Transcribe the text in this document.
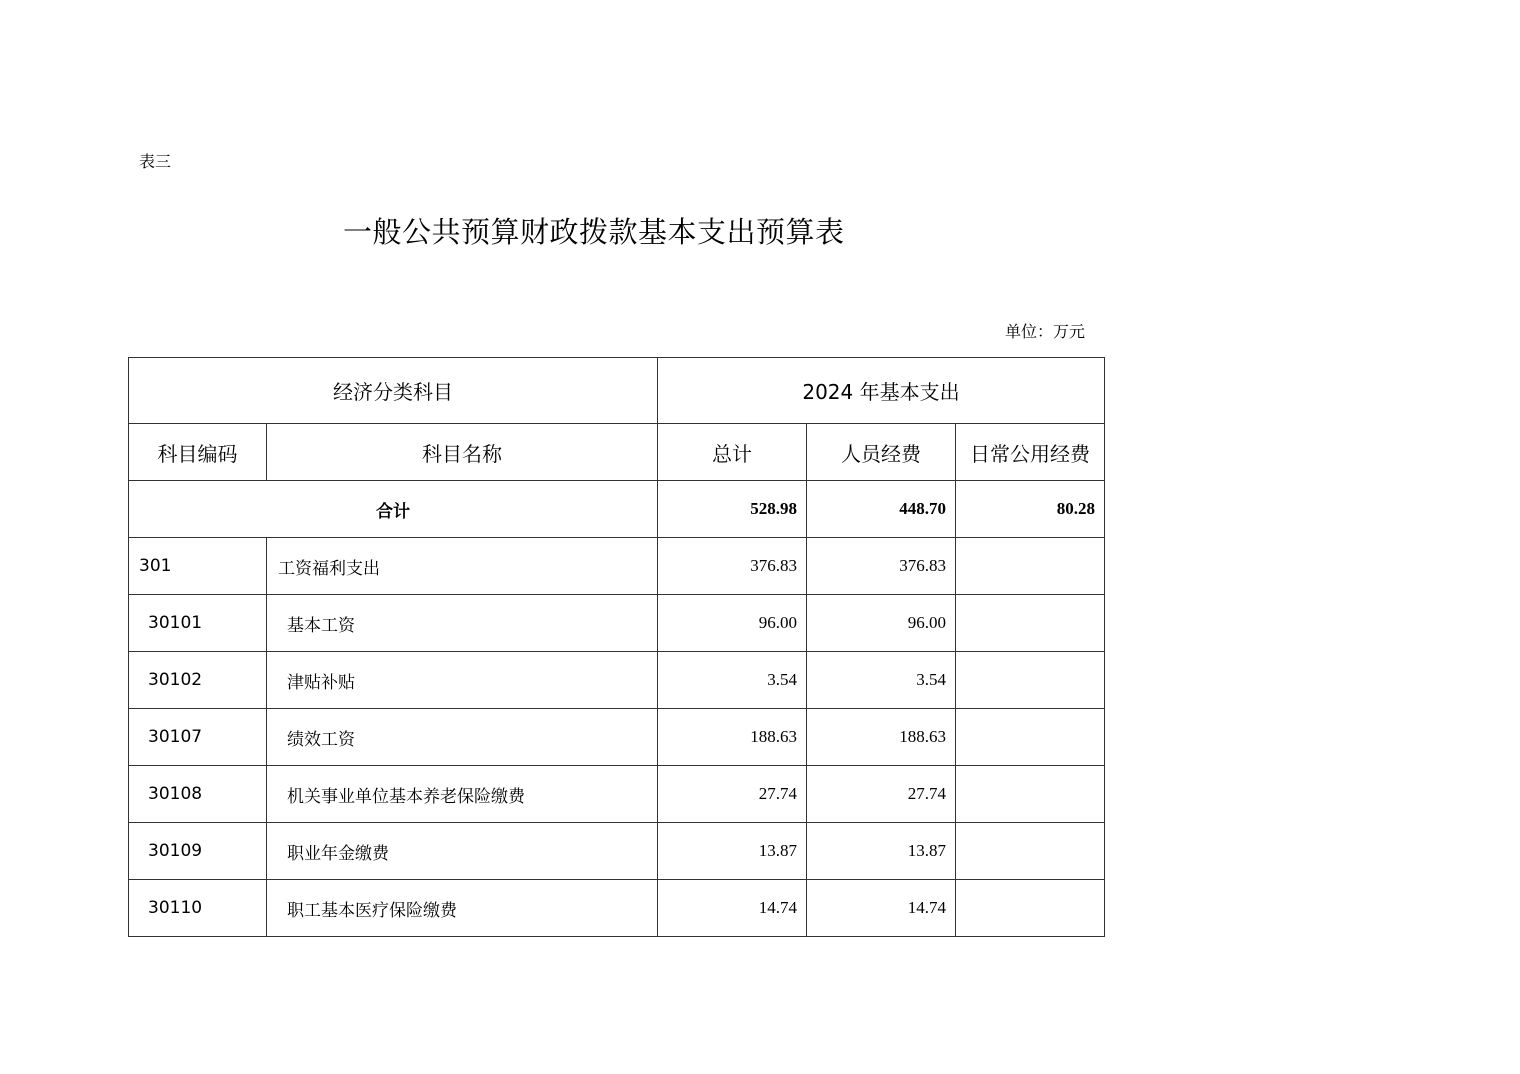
表三
一般公共预算财政拨款基本支出预算表
单位：万元
经济分类科目		2024 年基本支出		
科目编码	科目名称	总计	人员经费	日常公用经费
合计		528.98	448.70	80.28
301	工资福利支出	376.83	376.83	
30101	基本工资	96.00	96.00	
30102	津贴补贴	3.54	3.54	
30107	绩效工资	188.63	188.63	
30108	机关事业单位基本养老保险缴费	27.74	27.74	
30109	职业年金缴费	13.87	13.87	
30110	职工基本医疗保险缴费	14.74	14.74	
